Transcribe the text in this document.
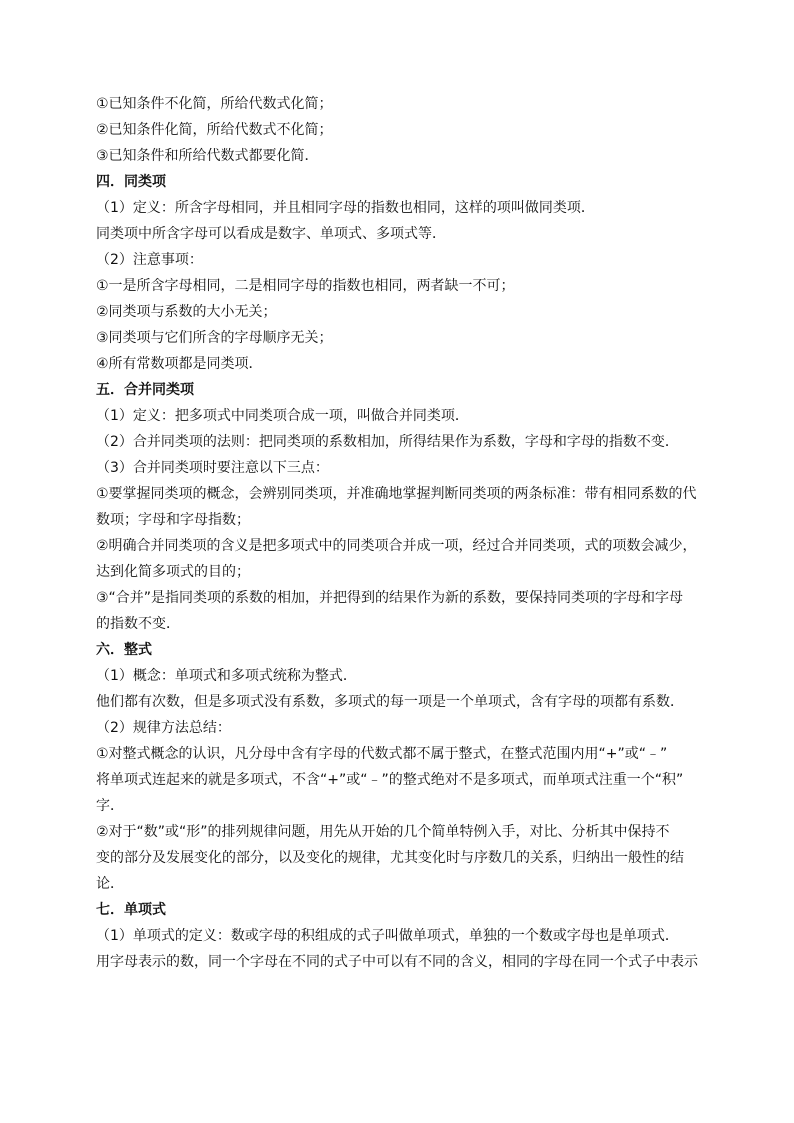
①已知条件不化简，所给代数式化简；
②已知条件化简，所给代数式不化简；
③已知条件和所给代数式都要化简．
四．同类项
（1）定义：所含字母相同，并且相同字母的指数也相同，这样的项叫做同类项．
同类项中所含字母可以看成是数字、单项式、多项式等．
（2）注意事项：
①一是所含字母相同，二是相同字母的指数也相同，两者缺一不可；
②同类项与系数的大小无关；
③同类项与它们所含的字母顺序无关；
④所有常数项都是同类项．
五．合并同类项
（1）定义：把多项式中同类项合成一项，叫做合并同类项．
（2）合并同类项的法则：把同类项的系数相加，所得结果作为系数，字母和字母的指数不变．
（3）合并同类项时要注意以下三点：
①要掌握同类项的概念，会辨别同类项，并准确地掌握判断同类项的两条标准：带有相同系数的代
数项；字母和字母指数；
②明确合并同类项的含义是把多项式中的同类项合并成一项，经过合并同类项，式的项数会减少，
达到化简多项式的目的；
③“合并”是指同类项的系数的相加，并把得到的结果作为新的系数，要保持同类项的字母和字母
的指数不变．
六．整式
（1）概念：单项式和多项式统称为整式．
他们都有次数，但是多项式没有系数，多项式的每一项是一个单项式，含有字母的项都有系数．
（2）规律方法总结：
①对整式概念的认识，凡分母中含有字母的代数式都不属于整式，在整式范围内用“+”或“﹣”
将单项式连起来的就是多项式，不含“+”或“﹣”的整式绝对不是多项式，而单项式注重一个“积”
字．
②对于“数”或“形”的排列规律问题，用先从开始的几个简单特例入手，对比、分析其中保持不
变的部分及发展变化的部分，以及变化的规律，尤其变化时与序数几的关系，归纳出一般性的结
论．
七．单项式
（1）单项式的定义：数或字母的积组成的式子叫做单项式，单独的一个数或字母也是单项式．
用字母表示的数，同一个字母在不同的式子中可以有不同的含义，相同的字母在同一个式子中表示
